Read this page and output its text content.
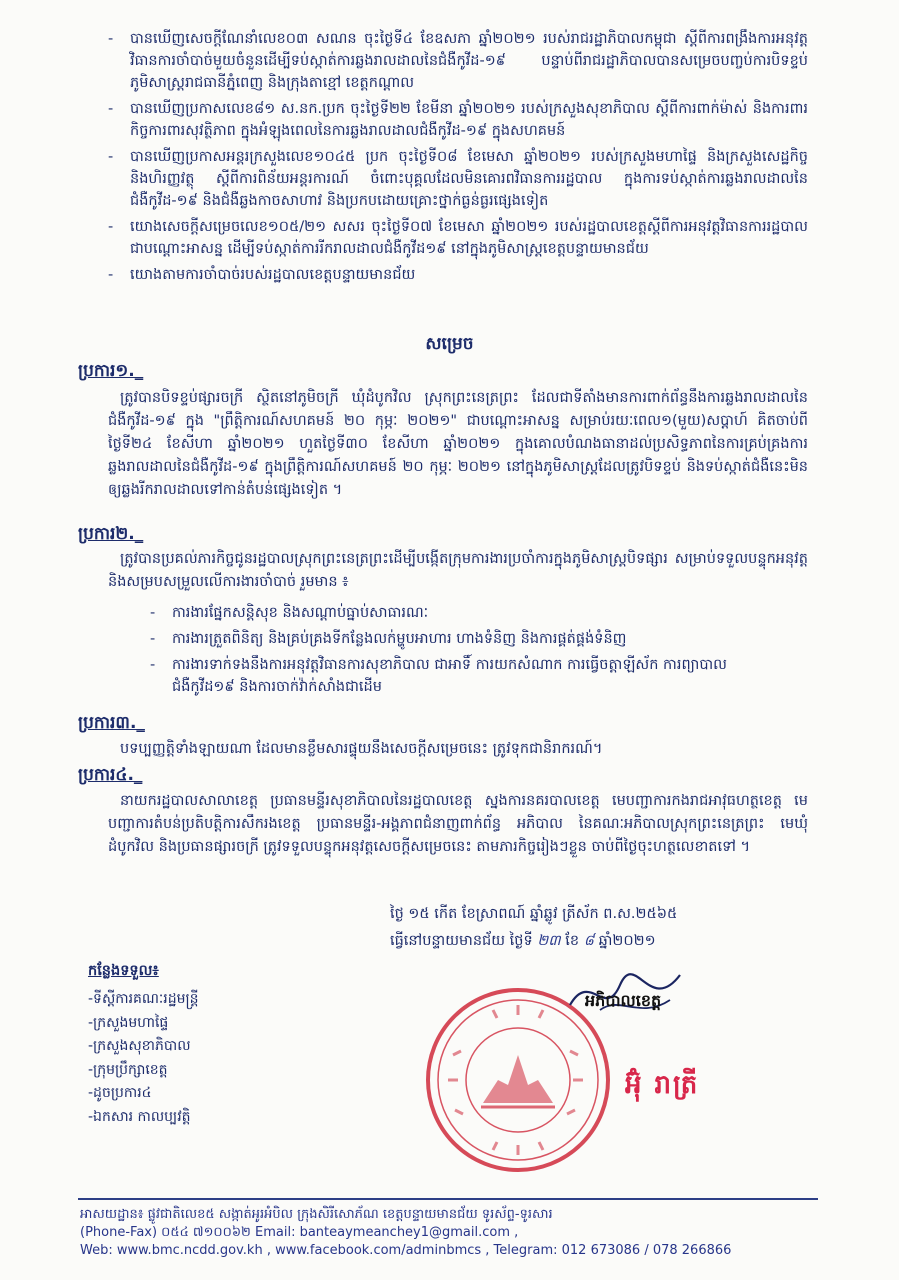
- បានឃើញសេចក្តីណែនាំលេខ០៣ សណន ចុះថ្ងៃទី៤ ខែឧសភា ឆ្នាំ២០២១ របស់រាជរដ្ឋាភិបាលកម្ពុជា ស្តីពីការពង្រឹងការអនុវត្តវិធានការចាំបាច់មួយចំនួនដើម្បីទប់ស្កាត់ការឆ្លងរាលដាលនៃជំងឺកូវីដ-១៩ បន្ទាប់ពីរាជរដ្ឋាភិបាលបានសម្រេចបញ្ចប់ការបិទខ្ទប់ភូមិសាស្ត្ររាជធានីភ្នំពេញ និងក្រុងតាខ្មៅ ខេត្តកណ្តាល
- បានឃើញប្រកាសលេខ៨១ ស.នក.ប្រក ចុះថ្ងៃទី២២ ខែមីនា ឆ្នាំ២០២១ របស់ក្រសួងសុខាភិបាល ស្តីពីការពាក់ម៉ាស់ និងការពារកិច្ចការពារសុវត្ថិភាព ក្នុងអំឡុងពេលនៃការឆ្លងរាលដាលជំងឺកូវីដ-១៩ ក្នុងសហគមន៍
- បានឃើញប្រកាសអន្តរក្រសួងលេខ១០៤៥ ប្រក ចុះថ្ងៃទី០៨ ខែមេសា ឆ្នាំ២០២១ របស់ក្រសួងមហាផ្ទៃ និងក្រសួងសេដ្ឋកិច្ច និងហិរញ្ញវត្ថុ ស្តីពីការពិន័យអន្តរការណ៍ ចំពោះបុគ្គលដែលមិនគោរពវិធានការរដ្ឋបាល ក្នុងការទប់ស្កាត់ការឆ្លងរាលដាលនៃជំងឺកូវីដ-១៩ និងជំងឺឆ្លងកាចសាហាវ និងប្រកបដោយគ្រោះថ្នាក់ធ្ងន់ធ្ងរផ្សេងទៀត
- យោងសេចក្តីសម្រេចលេខ១០៥/២១ សសរ ចុះថ្ងៃទី០៧ ខែមេសា ឆ្នាំ២០២១ របស់រដ្ឋបាលខេត្តស្តីពីការអនុវត្តវិធានការរដ្ឋបាលជាបណ្តោះអាសន្ន ដើម្បីទប់ស្កាត់ការរីករាលដាលជំងឺកូវីដ១៩ នៅក្នុងភូមិសាស្ត្រខេត្តបន្ទាយមានជ័យ
- យោងតាមការចាំបាច់របស់រដ្ឋបាលខេត្តបន្ទាយមានជ័យ
សម្រេច
ប្រការ១._
ត្រូវបានបិទខ្ទប់ផ្សារចក្រី ស្ថិតនៅភូមិចក្រី ឃុំដំបូកវិល ស្រុកព្រះនេត្រព្រះ ដែលជាទីតាំងមានការពាក់ព័ន្ធនឹងការឆ្លងរាលដាលនៃជំងឺកូវីដ-១៩ ក្នុង "ព្រឹត្តិការណ៍សហគមន៍ ២០ កុម្ភៈ ២០២១" ជាបណ្តោះអាសន្ន សម្រាប់រយៈពេល១(មួយ)សប្តាហ៍ គិតចាប់ពីថ្ងៃទី២៤ ខែសីហា ឆ្នាំ២០២១ ហួតថ្ងៃទី៣០ ខែសីហា ឆ្នាំ២០២១ ក្នុងគោលបំណងធានាដល់ប្រសិទ្ធភាពនៃការគ្រប់គ្រងការឆ្លងរាលដាលនៃជំងឺកូវីដ-១៩ ក្នុងព្រឹត្តិការណ៍សហគមន៍ ២០ កុម្ភៈ ២០២១ នៅក្នុងភូមិសាស្ត្រដែលត្រូវបិទខ្ទប់ និងទប់ស្កាត់ជំងឺនេះមិនឲ្យឆ្លងរីករាលដាលទៅកាន់តំបន់ផ្សេងទៀត ។
ប្រការ២._
ត្រូវបានប្រគល់ភារកិច្ចជូនរដ្ឋបាលស្រុកព្រះនេត្រព្រះដើម្បីបង្កើតក្រុមការងារប្រចាំការក្នុងភូមិសាស្ត្របិទផ្សារ សម្រាប់ទទួលបន្ទុកអនុវត្ត និងសម្របសម្រួលលើការងារចាំបាច់ រួមមាន ៖
- ការងារផ្នែកសន្តិសុខ និងសណ្តាប់ធ្នាប់សាធារណៈ
- ការងារត្រួតពិនិត្យ និងគ្រប់គ្រងទីកន្លែងលក់ម្ហូបអាហារ ហាងទំនិញ និងការផ្គត់ផ្គង់ទំនិញ
- ការងារទាក់ទងនឹងការអនុវត្តវិធានការសុខាភិបាល ជាអាទិ៍ ការយកសំណាក ការធ្វើចត្តាឡីស័ក ការព្យាបាល ជំងឺកូវីដ១៩ និងការចាក់វ៉ាក់សាំងជាដើម
ប្រការ៣._
បទប្បញ្ញត្តិទាំងឡាយណា ដែលមានខ្លឹមសារផ្ទុយនឹងសេចក្តីសម្រេចនេះ ត្រូវទុកជានិរាករណ៍។
ប្រការ៤._
នាយករដ្ឋបាលសាលាខេត្ត ប្រធានមន្ទីរសុខាភិបាលនៃរដ្ឋបាលខេត្ត ស្នងការនគរបាលខេត្ត មេបញ្ជាការកងរាជអាវុធហត្ថខេត្ត មេបញ្ជាការតំបន់ប្រតិបត្តិការសឹករងខេត្ត ប្រធានមន្ទីរ-អង្គភាពជំនាញពាក់ព័ន្ធ អភិបាល នៃគណៈអភិបាលស្រុកព្រះនេត្រព្រះ មេឃុំដំបូកវិល និងប្រធានផ្សារចក្រី ត្រូវទទួលបន្ទុកអនុវត្តសេចក្តីសម្រេចនេះ តាមភារកិច្ចរៀងៗខ្លួន ចាប់ពីថ្ងៃចុះហត្ថលេខាតទៅ ។
ថ្ងៃ ១៥ កើត ខែស្រាពណ៍ ឆ្នាំឆ្លូវ ត្រីស័ក ព.ស.២៥៦៥
ធ្វើនៅបន្ទាយមានជ័យ ថ្ងៃទី ២៣ ខែ ៨ ឆ្នាំ២០២១
កន្លែងទទួល៖
-ទីស្តីការគណៈរដ្ឋមន្ត្រី
-ក្រសួងមហាផ្ទៃ
-ក្រសួងសុខាភិបាល
-ក្រុមប្រឹក្សាខេត្ត
-ដូចប្រការ៤
-ឯកសារ កាលប្បវត្តិ
អភិបាលខេត្ត
អ៊ុំ រាត្រី
អាសយដ្ឋាន៖ ផ្លូវជាតិលេខ៥ សង្កាត់អូរអំបិល ក្រុងសិរីសោភ័ណ ខេត្តបន្ទាយមានជ័យ ទូរស័ព្ទ-ទូរសារ
(Phone-Fax) ០៥៤ ៧១០០៦២ Email: banteaymeanchey1@gmail.com ,
Web: www.bmc.ncdd.gov.kh , www.facebook.com/adminbmcs , Telegram: 012 673086 / 078 266866
